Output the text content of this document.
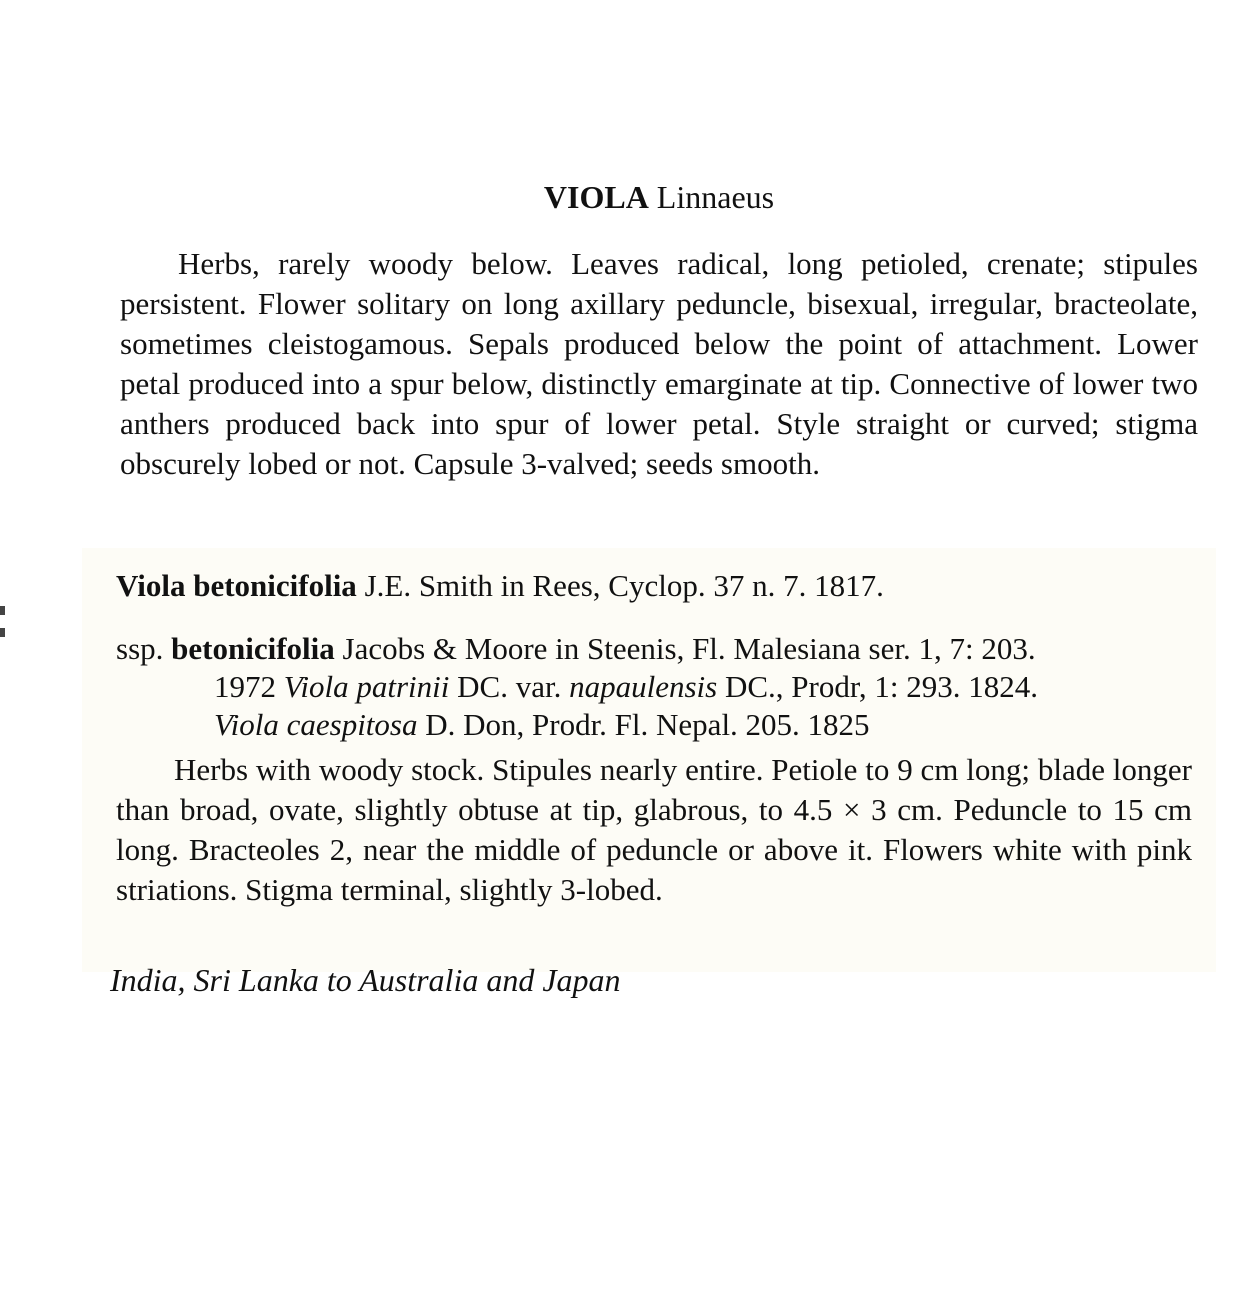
VIOLA Linnaeus

Herbs, rarely woody below. Leaves radical, long petioled, crenate; stipules persistent. Flower solitary on long axillary peduncle, bisexual, irregular, bracteolate, sometimes cleistogamous. Sepals produced below the point of attachment. Lower petal produced into a spur below, distinctly emarginate at tip. Connective of lower two anthers produced back into spur of lower petal. Style straight or curved; stigma obscurely lobed or not. Capsule 3-valved; seeds smooth.

Viola betonicifolia J.E. Smith in Rees, Cyclop. 37 n. 7. 1817.

ssp. betonicifolia Jacobs & Moore in Steenis, Fl. Malesiana ser. 1, 7: 203.
1972 Viola patrinii DC. var. napaulensis DC., Prodr, 1: 293. 1824.
Viola caespitosa D. Don, Prodr. Fl. Nepal. 205. 1825

Herbs with woody stock. Stipules nearly entire. Petiole to 9 cm long; blade longer than broad, ovate, slightly obtuse at tip, glabrous, to 4.5 × 3 cm. Peduncle to 15 cm long. Bracteoles 2, near the middle of peduncle or above it. Flowers white with pink striations. Stigma terminal, slightly 3-lobed.

India, Sri Lanka to Australia and Japan
